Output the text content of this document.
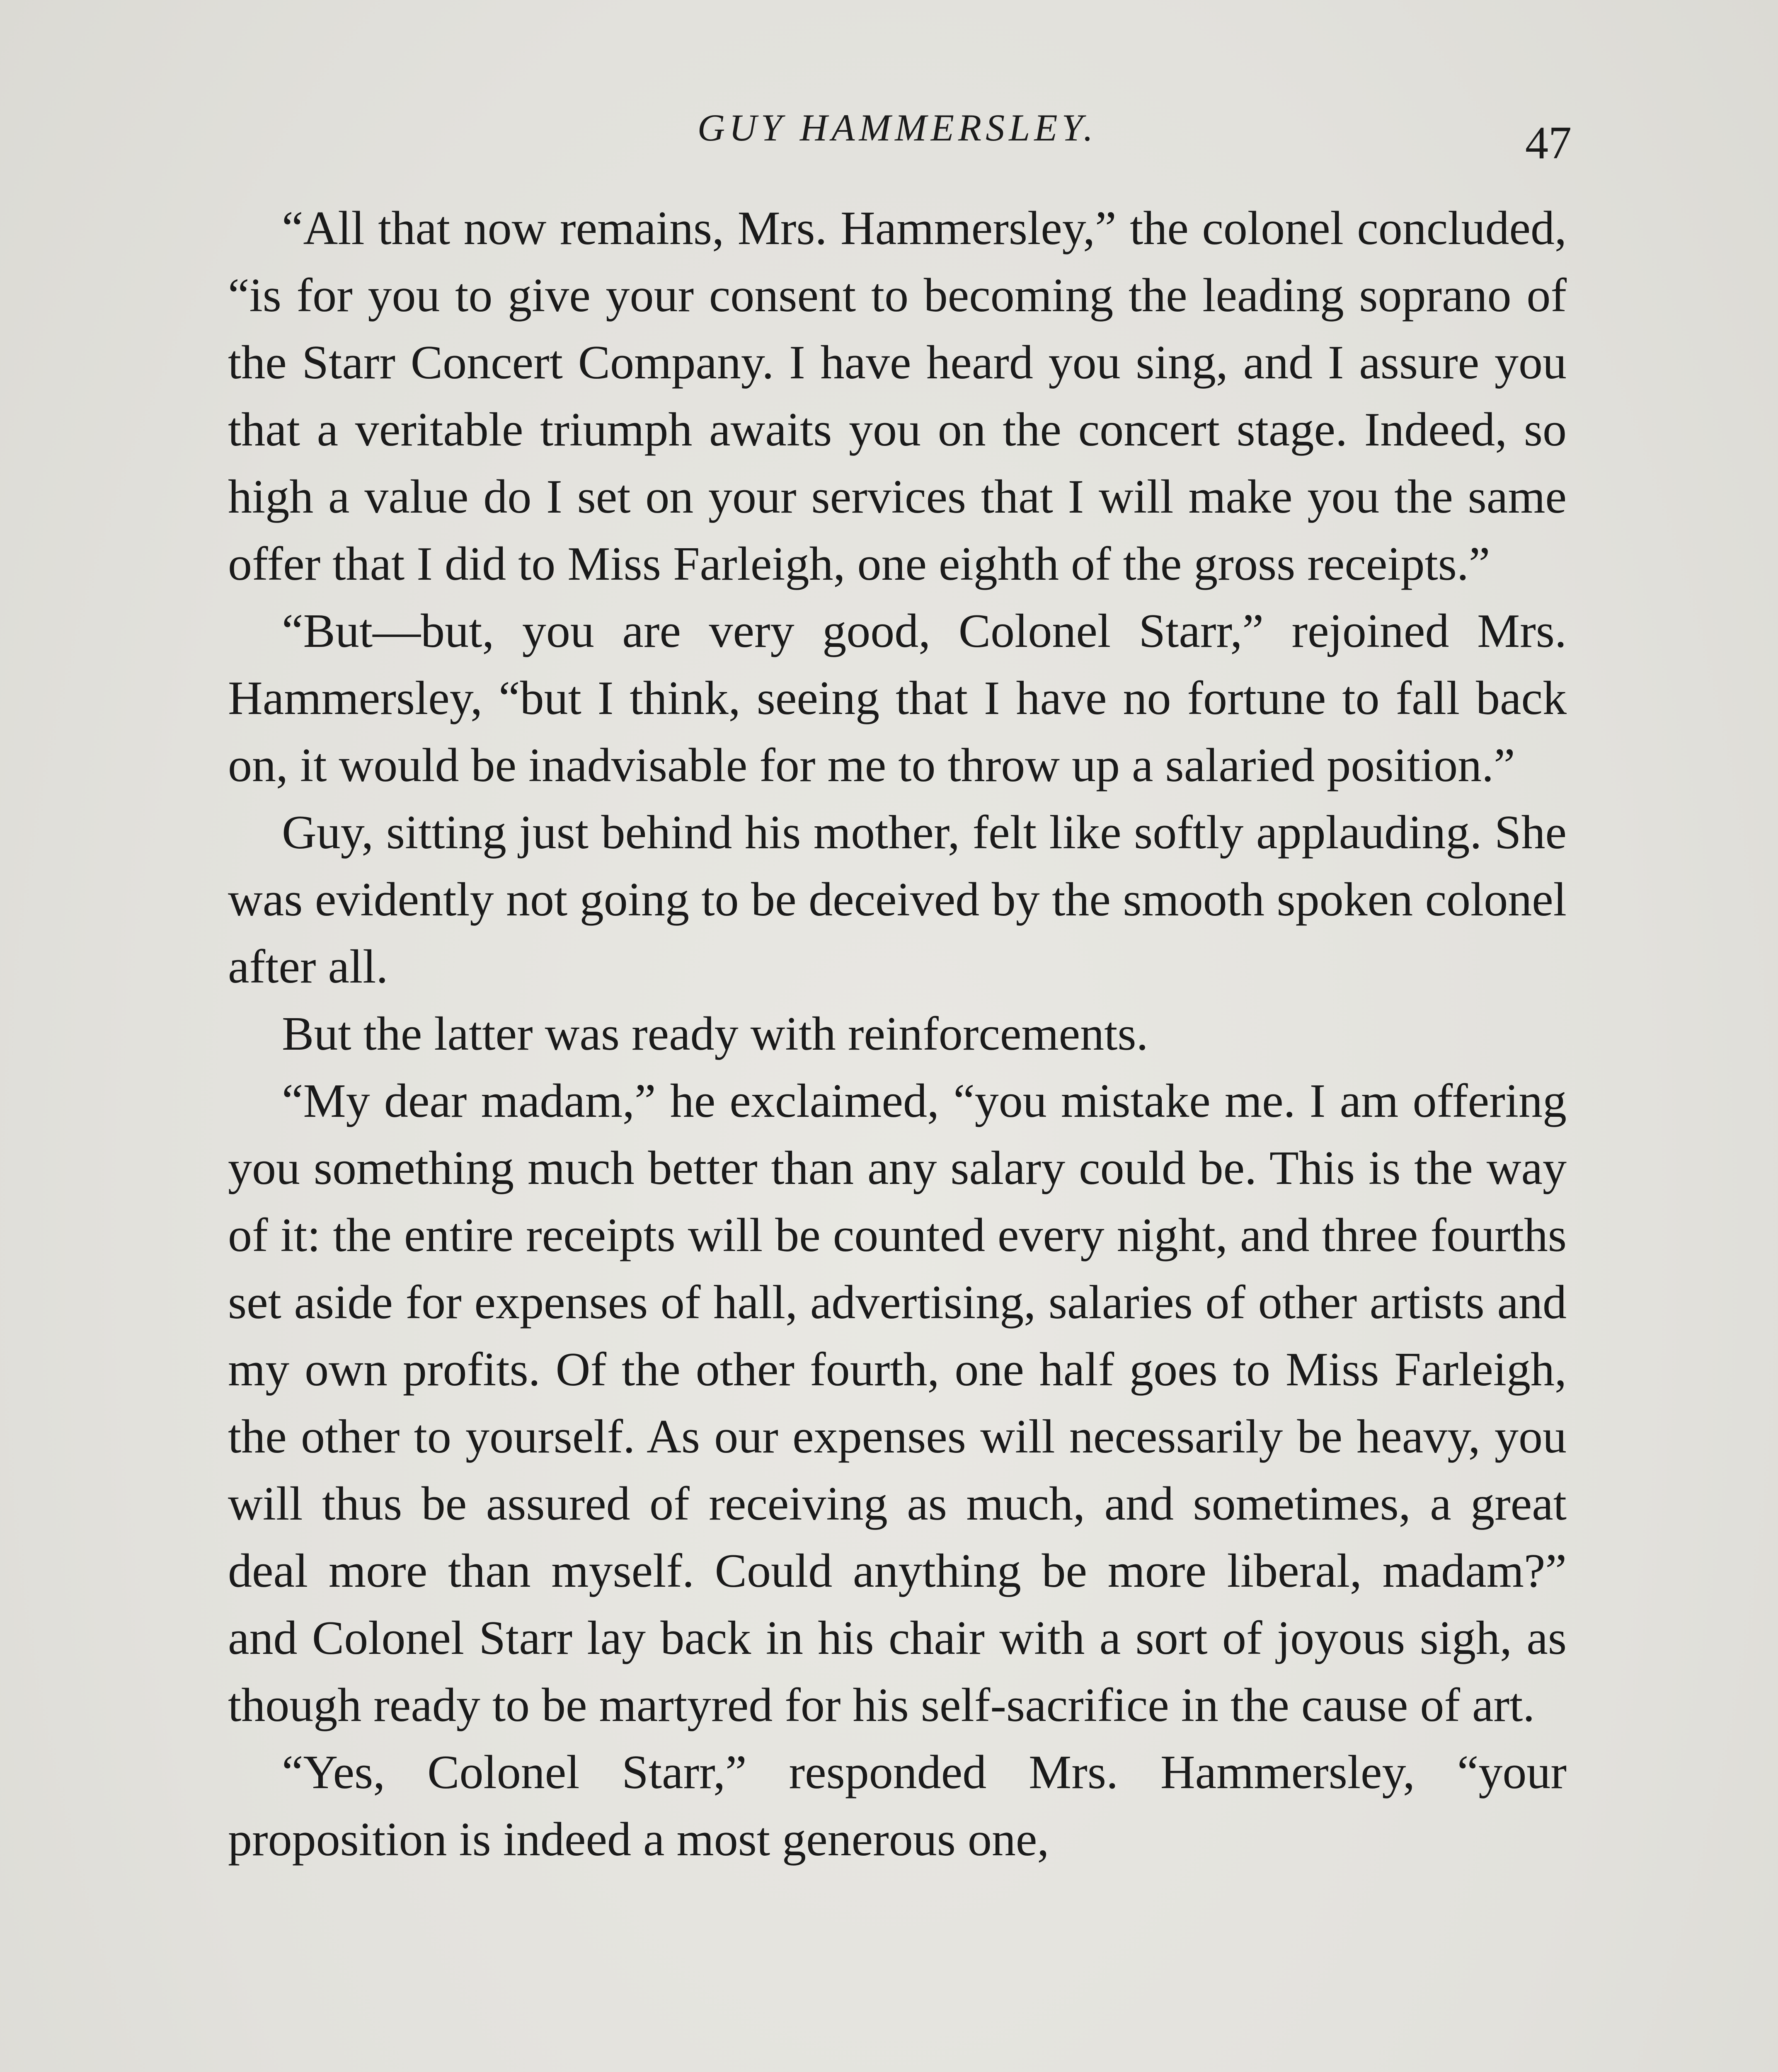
GUY HAMMERSLEY.	47

“All that now remains, Mrs. Hammersley,” the colonel concluded, “is for you to give your consent to becoming the leading soprano of the Starr Concert Company. I have heard you sing, and I assure you that a veritable triumph awaits you on the concert stage. Indeed, so high a value do I set on your services that I will make you the same offer that I did to Miss Farleigh, one eighth of the gross receipts.”

“But—but, you are very good, Colonel Starr,” rejoined Mrs. Hammersley, “but I think, seeing that I have no fortune to fall back on, it would be inadvisable for me to throw up a salaried position.”

Guy, sitting just behind his mother, felt like softly applauding. She was evidently not going to be deceived by the smooth spoken colonel after all.

But the latter was ready with reinforcements.

“My dear madam,” he exclaimed, “you mistake me. I am offering you something much better than any salary could be. This is the way of it: the entire receipts will be counted every night, and three fourths set aside for expenses of hall, advertising, salaries of other artists and my own profits. Of the other fourth, one half goes to Miss Farleigh, the other to yourself. As our expenses will necessarily be heavy, you will thus be assured of receiving as much, and sometimes, a great deal more than myself. Could anything be more liberal, madam?” and Colonel Starr lay back in his chair with a sort of joyous sigh, as though ready to be martyred for his self-sacrifice in the cause of art.

“Yes, Colonel Starr,” responded Mrs. Hammersley, “your proposition is indeed a most generous one,
